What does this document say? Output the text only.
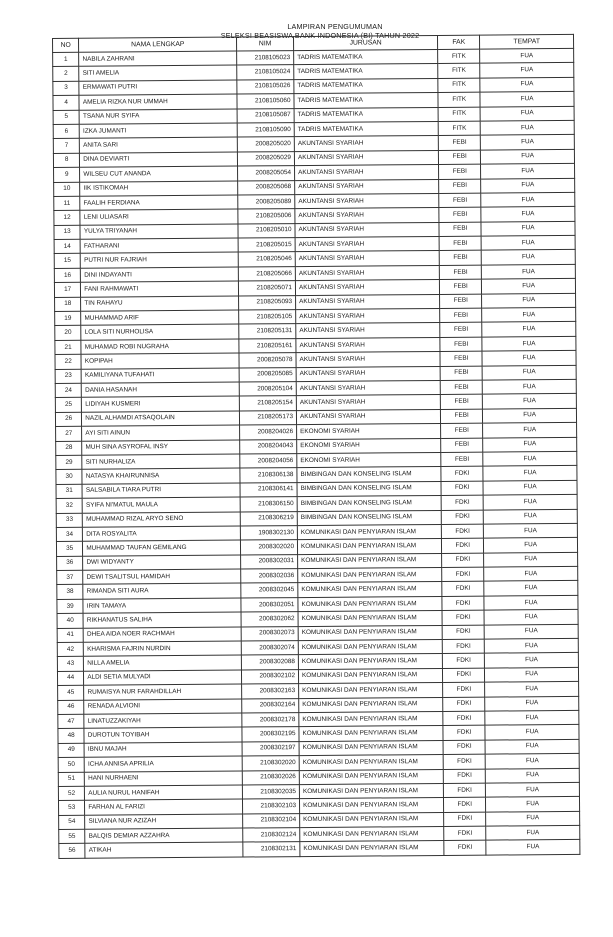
LAMPIRAN PENGUMUMAN
SELEKSI BEASISWA BANK INDONESIA (BI) TAHUN 2022
NO	NAMA LENGKAP	NIM	JURUSAN	FAK	TEMPAT
1	NABILA ZAHRANI	2108105023	TADRIS MATEMATIKA	FITK	FUA
2	SITI AMELIA	2108105024	TADRIS MATEMATIKA	FITK	FUA
3	ERMAWATI PUTRI	2108105026	TADRIS MATEMATIKA	FITK	FUA
4	AMELIA RIZKA NUR UMMAH	2108105060	TADRIS MATEMATIKA	FITK	FUA
5	TSANA NUR SYIFA	2108105087	TADRIS MATEMATIKA	FITK	FUA
6	IZKA JUMANTI	2108105090	TADRIS MATEMATIKA	FITK	FUA
7	ANITA SARI	2008205020	AKUNTANSI SYARIAH	FEBI	FUA
8	DINA DEVIARTI	2008205029	AKUNTANSI SYARIAH	FEBI	FUA
9	WILSEU CUT ANANDA	2008205054	AKUNTANSI SYARIAH	FEBI	FUA
10	IIK ISTIKOMAH	2008205068	AKUNTANSI SYARIAH	FEBI	FUA
11	FAALIH FERDIANA	2008205089	AKUNTANSI SYARIAH	FEBI	FUA
12	LENI ULIASARI	2108205006	AKUNTANSI SYARIAH	FEBI	FUA
13	YULYA TRIYANAH	2108205010	AKUNTANSI SYARIAH	FEBI	FUA
14	FATHARANI	2108205015	AKUNTANSI SYARIAH	FEBI	FUA
15	PUTRI NUR FAJRIAH	2108205046	AKUNTANSI SYARIAH	FEBI	FUA
16	DINI INDAYANTI	2108205066	AKUNTANSI SYARIAH	FEBI	FUA
17	FANI RAHMAWATI	2108205071	AKUNTANSI SYARIAH	FEBI	FUA
18	TIN RAHAYU	2108205093	AKUNTANSI SYARIAH	FEBI	FUA
19	MUHAMMAD ARIF	2108205105	AKUNTANSI SYARIAH	FEBI	FUA
20	LOLA SITI NURHOLISA	2108205131	AKUNTANSI SYARIAH	FEBI	FUA
21	MUHAMAD ROBI NUGRAHA	2108205161	AKUNTANSI SYARIAH	FEBI	FUA
22	KOPIPAH	2008205078	AKUNTANSI SYARIAH	FEBI	FUA
23	KAMILIYANA TUFAHATI	2008205085	AKUNTANSI SYARIAH	FEBI	FUA
24	DANIA HASANAH	2008205104	AKUNTANSI SYARIAH	FEBI	FUA
25	LIDIYAH KUSMERI	2108205154	AKUNTANSI SYARIAH	FEBI	FUA
26	NAZIL ALHAMDI ATSAQOLAIN	2108205173	AKUNTANSI SYARIAH	FEBI	FUA
27	AYI SITI AINUN	2008204026	EKONOMI SYARIAH	FEBI	FUA
28	MUH SINA ASYROFAL INSY	2008204043	EKONOMI SYARIAH	FEBI	FUA
29	SITI NURHALIZA	2008204056	EKONOMI SYARIAH	FEBI	FUA
30	NATASYA KHAIRUNNISA	2108306138	BIMBINGAN DAN KONSELING ISLAM	FDKI	FUA
31	SALSABILA TIARA PUTRI	2108306141	BIMBINGAN DAN KONSELING ISLAM	FDKI	FUA
32	SYIFA NI'MATUL MAULA	2108306150	BIMBINGAN DAN KONSELING ISLAM	FDKI	FUA
33	MUHAMMAD RIZAL ARYO SENO	2108306219	BIMBINGAN DAN KONSELING ISLAM	FDKI	FUA
34	DITA ROSYALITA	1908302130	KOMUNIKASI DAN PENYIARAN ISLAM	FDKI	FUA
35	MUHAMMAD TAUFAN GEMILANG	2008302020	KOMUNIKASI DAN PENYIARAN ISLAM	FDKI	FUA
36	DWI WIDYANTY	2008302031	KOMUNIKASI DAN PENYIARAN ISLAM	FDKI	FUA
37	DEWI TSALITSUL HAMIDAH	2008302036	KOMUNIKASI DAN PENYIARAN ISLAM	FDKI	FUA
38	RIMANDA SITI AURA	2008302045	KOMUNIKASI DAN PENYIARAN ISLAM	FDKI	FUA
39	IRIN TAMAYA	2008302051	KOMUNIKASI DAN PENYIARAN ISLAM	FDKI	FUA
40	RIKHANATUS SALIHA	2008302062	KOMUNIKASI DAN PENYIARAN ISLAM	FDKI	FUA
41	DHEA AIDA NOER RACHMAH	2008302073	KOMUNIKASI DAN PENYIARAN ISLAM	FDKI	FUA
42	KHARISMA FAJRIN NURDIN	2008302074	KOMUNIKASI DAN PENYIARAN ISLAM	FDKI	FUA
43	NILLA AMELIA	2008302088	KOMUNIKASI DAN PENYIARAN ISLAM	FDKI	FUA
44	ALDI SETIA MULYADI	2008302102	KOMUNIKASI DAN PENYIARAN ISLAM	FDKI	FUA
45	RUMAISYA NUR FARAHDILLAH	2008302163	KOMUNIKASI DAN PENYIARAN ISLAM	FDKI	FUA
46	RENADA ALVIONI	2008302164	KOMUNIKASI DAN PENYIARAN ISLAM	FDKI	FUA
47	LINATUZZAKIYAH	2008302178	KOMUNIKASI DAN PENYIARAN ISLAM	FDKI	FUA
48	DUROTUN TOYIBAH	2008302195	KOMUNIKASI DAN PENYIARAN ISLAM	FDKI	FUA
49	IBNU MAJAH	2008302197	KOMUNIKASI DAN PENYIARAN ISLAM	FDKI	FUA
50	ICHA ANNISA APRILIA	2108302020	KOMUNIKASI DAN PENYIARAN ISLAM	FDKI	FUA
51	HANI NURHAENI	2108302026	KOMUNIKASI DAN PENYIARAN ISLAM	FDKI	FUA
52	AULIA NURUL HANIFAH	2108302035	KOMUNIKASI DAN PENYIARAN ISLAM	FDKI	FUA
53	FARHAN AL FARIZI	2108302103	KOMUNIKASI DAN PENYIARAN ISLAM	FDKI	FUA
54	SILVIANA NUR AZIZAH	2108302104	KOMUNIKASI DAN PENYIARAN ISLAM	FDKI	FUA
55	BALQIS DEMIAR AZZAHRA	2108302124	KOMUNIKASI DAN PENYIARAN ISLAM	FDKI	FUA
56	ATIKAH	2108302131	KOMUNIKASI DAN PENYIARAN ISLAM	FDKI	FUA
